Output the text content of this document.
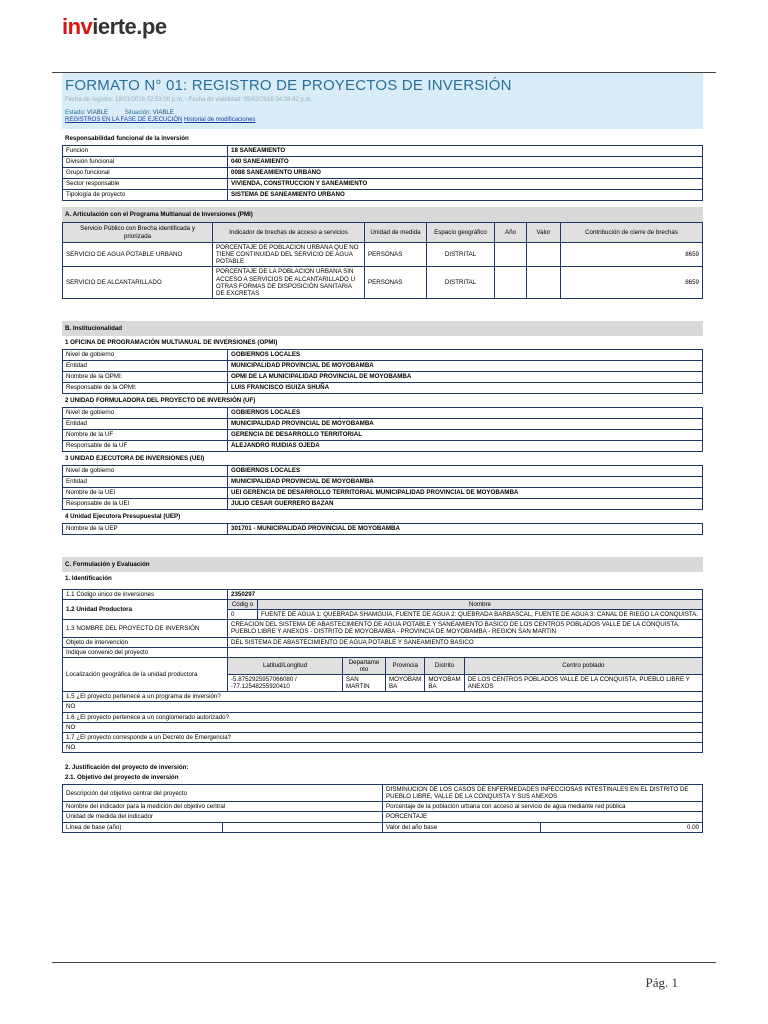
invierte.pe
FORMATO N° 01: REGISTRO DE PROYECTOS DE INVERSIÓN
Fecha de registro: 18/01/2016 02:53:00 p.m. - Fecha de viabilidad: 05/02/2016 04:08:42 p.m.
Estado: VIABLE	Situación: VIABLE
REGISTROS EN LA FASE DE EJECUCIÓN Historial de modificaciones
Responsabilidad funcional de la inversión
Funcion	18 SANEAMIENTO
División funcional	040 SANEAMIENTO
Grupo funcional	0088 SANEAMIENTO URBANO
Sector responsable	VIVIENDA, CONSTRUCCION Y SANEAMIENTO
Tipología de proyecto	SISTEMA DE SANEAMIENTO URBANO
A. Articulación con el Programa Multianual de Inversiones (PMI)
Servicio Público con Brecha identificada y priorizada	Indicador de brechas de acceso a servicios	Unidad de medida	Espacio geográfico	Año	Valor	Contribución de cierre de brechas
SERVICIO DE AGUA POTABLE URBANO	PORCENTAJE DE POBLACION URBANA QUE NO TIENE CONTINUIDAD DEL SERVICIO DE AGUA POTABLE	PERSONAS	DISTRITAL			8659
SERVICIO DE ALCANTARILLADO	PORCENTAJE DE LA POBLACION URBANA SIN ACCESO A SERVICIOS DE ALCANTARILLADO U OTRAS FORMAS DE DISPOSICIÓN SANITARIA DE EXCRETAS	PERSONAS	DISTRITAL			8659
B. Institucionalidad
1 OFICINA DE PROGRAMACIÓN MULTIANUAL DE INVERSIONES (OPMI)
Nivel de gobierno	GOBIERNOS LOCALES
Entidad	MUNICIPALIDAD PROVINCIAL DE MOYOBAMBA
Nombre de la OPMI:	OPMI DE LA MUNICIPALIDAD PROVINCIAL DE MOYOBAMBA
Responsable de la OPMI:	LUIS FRANCISCO ISUIZA SHUÑA
2 UNIDAD FORMULADORA DEL PROYECTO DE INVERSIÓN (UF)
Nivel de gobierno	GOBIERNOS LOCALES
Entidad	MUNICIPALIDAD PROVINCIAL DE MOYOBAMBA
Nombre de la UF	GERENCIA DE DESARROLLO TERRITORIAL
Responsable de la UF	ALEJANDRO RUIDIAS OJEDA
3 UNIDAD EJECUTORA DE INVERSIONES (UEI)
Nivel de gobierno	GOBIERNOS LOCALES
Entidad	MUNICIPALIDAD PROVINCIAL DE MOYOBAMBA
Nombre de la UEI	UEI GERENCIA DE DESARROLLO TERRITORIAL MUNICIPALIDAD PROVINCIAL DE MOYOBAMBA
Responsable de la UEI	JULIO CESAR GUERRERO BAZAN
4 Unidad Ejecutora Presupuestal (UEP)
Nombre de la UEP	301701 - MUNICIPALIDAD PROVINCIAL DE MOYOBAMBA
C. Formulación y Evaluación
1. Identificación
1.1 Código único de inversiones	2350297					
1.2 Unidad Productora	Códig o	Nombre				
	0	FUENTE DE AGUA 1: QUEBRADA SHAMGUIA, FUENTE DE AGUA 2: QUEBRADA BARBASCAL, FUENTE DE AGUA 3: CANAL DE RIEGO LA CONQUISTA.				
1.3 NOMBRE DEL PROYECTO DE INVERSIÓN	CREACION DEL SISTEMA DE ABASTECIMIENTO DE AGUA POTABLE Y SANEAMIENTO BASICO DE LOS CENTROS POBLADOS VALLE DE LA CONQUISTA, PUEBLO LIBRE Y ANEXOS - DISTRITO DE MOYOBAMBA - PROVINCIA DE MOYOBAMBA - REGION SAN MARTIN					
Objeto de intervención	DEL SISTEMA DE ABASTECIMIENTO DE AGUA POTABLE Y SANEAMIENTO BASICO					
Indique convenio del proyecto						
Localización geográfica de la unidad productora	Latitud/Longitud		Departame nto	Provincia	Distrito	Centro poblado
	-5.8752925957066080 / -77.12548255920410		SAN MARTIN	MOYOBAM BA	MOYOBAM BA	DE LOS CENTROS POBLADOS VALLE DE LA CONQUISTA, PUEBLO LIBRE Y ANEXOS
1.5 ¿El proyecto pertenece a un programa de inversión?						
NO						
1.6 ¿El proyecto pertenece a un conglomerado autorizado?						
NO						
1.7 ¿El proyecto corresponde a un Decreto de Emergencia?						
NO						
2. Justificación del proyecto de inversión:
2.1. Objetivo del proyecto de inversión
Descripción del objetivo central del proyecto		DISMINUCION DE LOS CASOS DE ENFERMEDADES INFECCIOSAS INTESTINALES EN EL DISTRITO DE PUEBLO LIBRE, VALLE DE LA CONQUISTA Y SUS ANEXOS	
Nombre del indicador para la medición del objetivo central		Porcentaje de la población urbana con acceso al servicio de agua mediante red pública	
Unidad de medida del indicador		PORCENTAJE	
Línea de base (año)		Valor del año base	0.00
Pág. 1
